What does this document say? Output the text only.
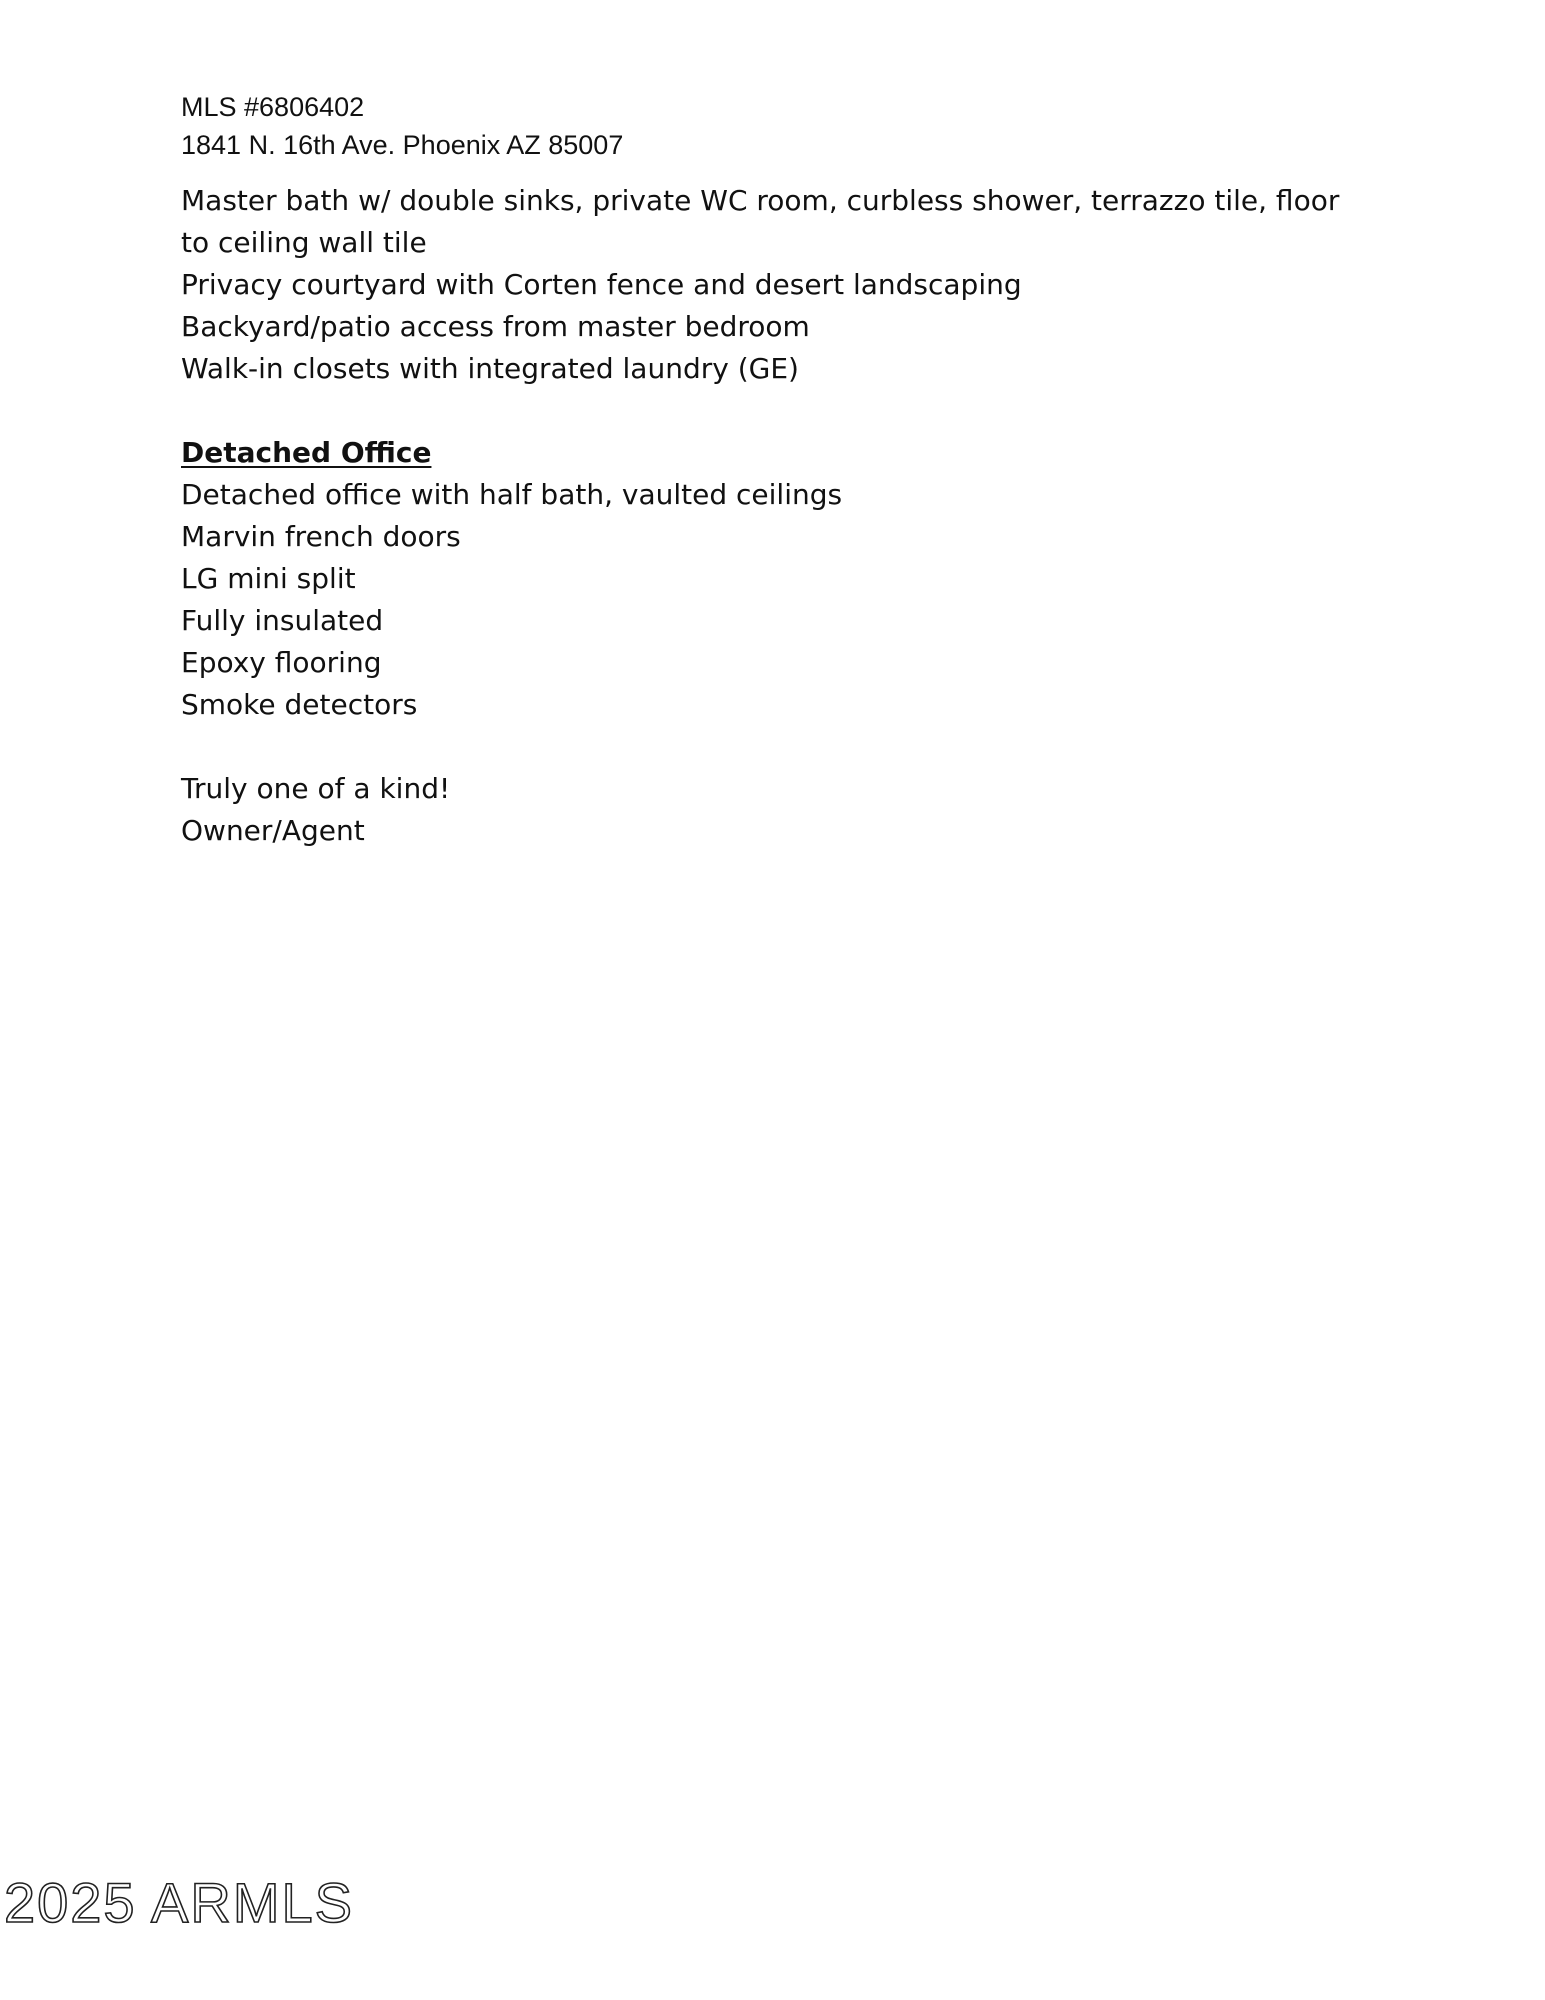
MLS #6806402
1841 N. 16th Ave. Phoenix AZ 85007

Master bath w/ double sinks, private WC room, curbless shower, terrazzo tile, floor to ceiling wall tile

Privacy courtyard with Corten fence and desert landscaping

Backyard/patio access from master bedroom

Walk-in closets with integrated laundry (GE)

Detached Office

Detached office with half bath, vaulted ceilings

Marvin french doors

LG mini split

Fully insulated

Epoxy flooring

Smoke detectors

Truly one of a kind!

Owner/Agent

2025 ARMLS
